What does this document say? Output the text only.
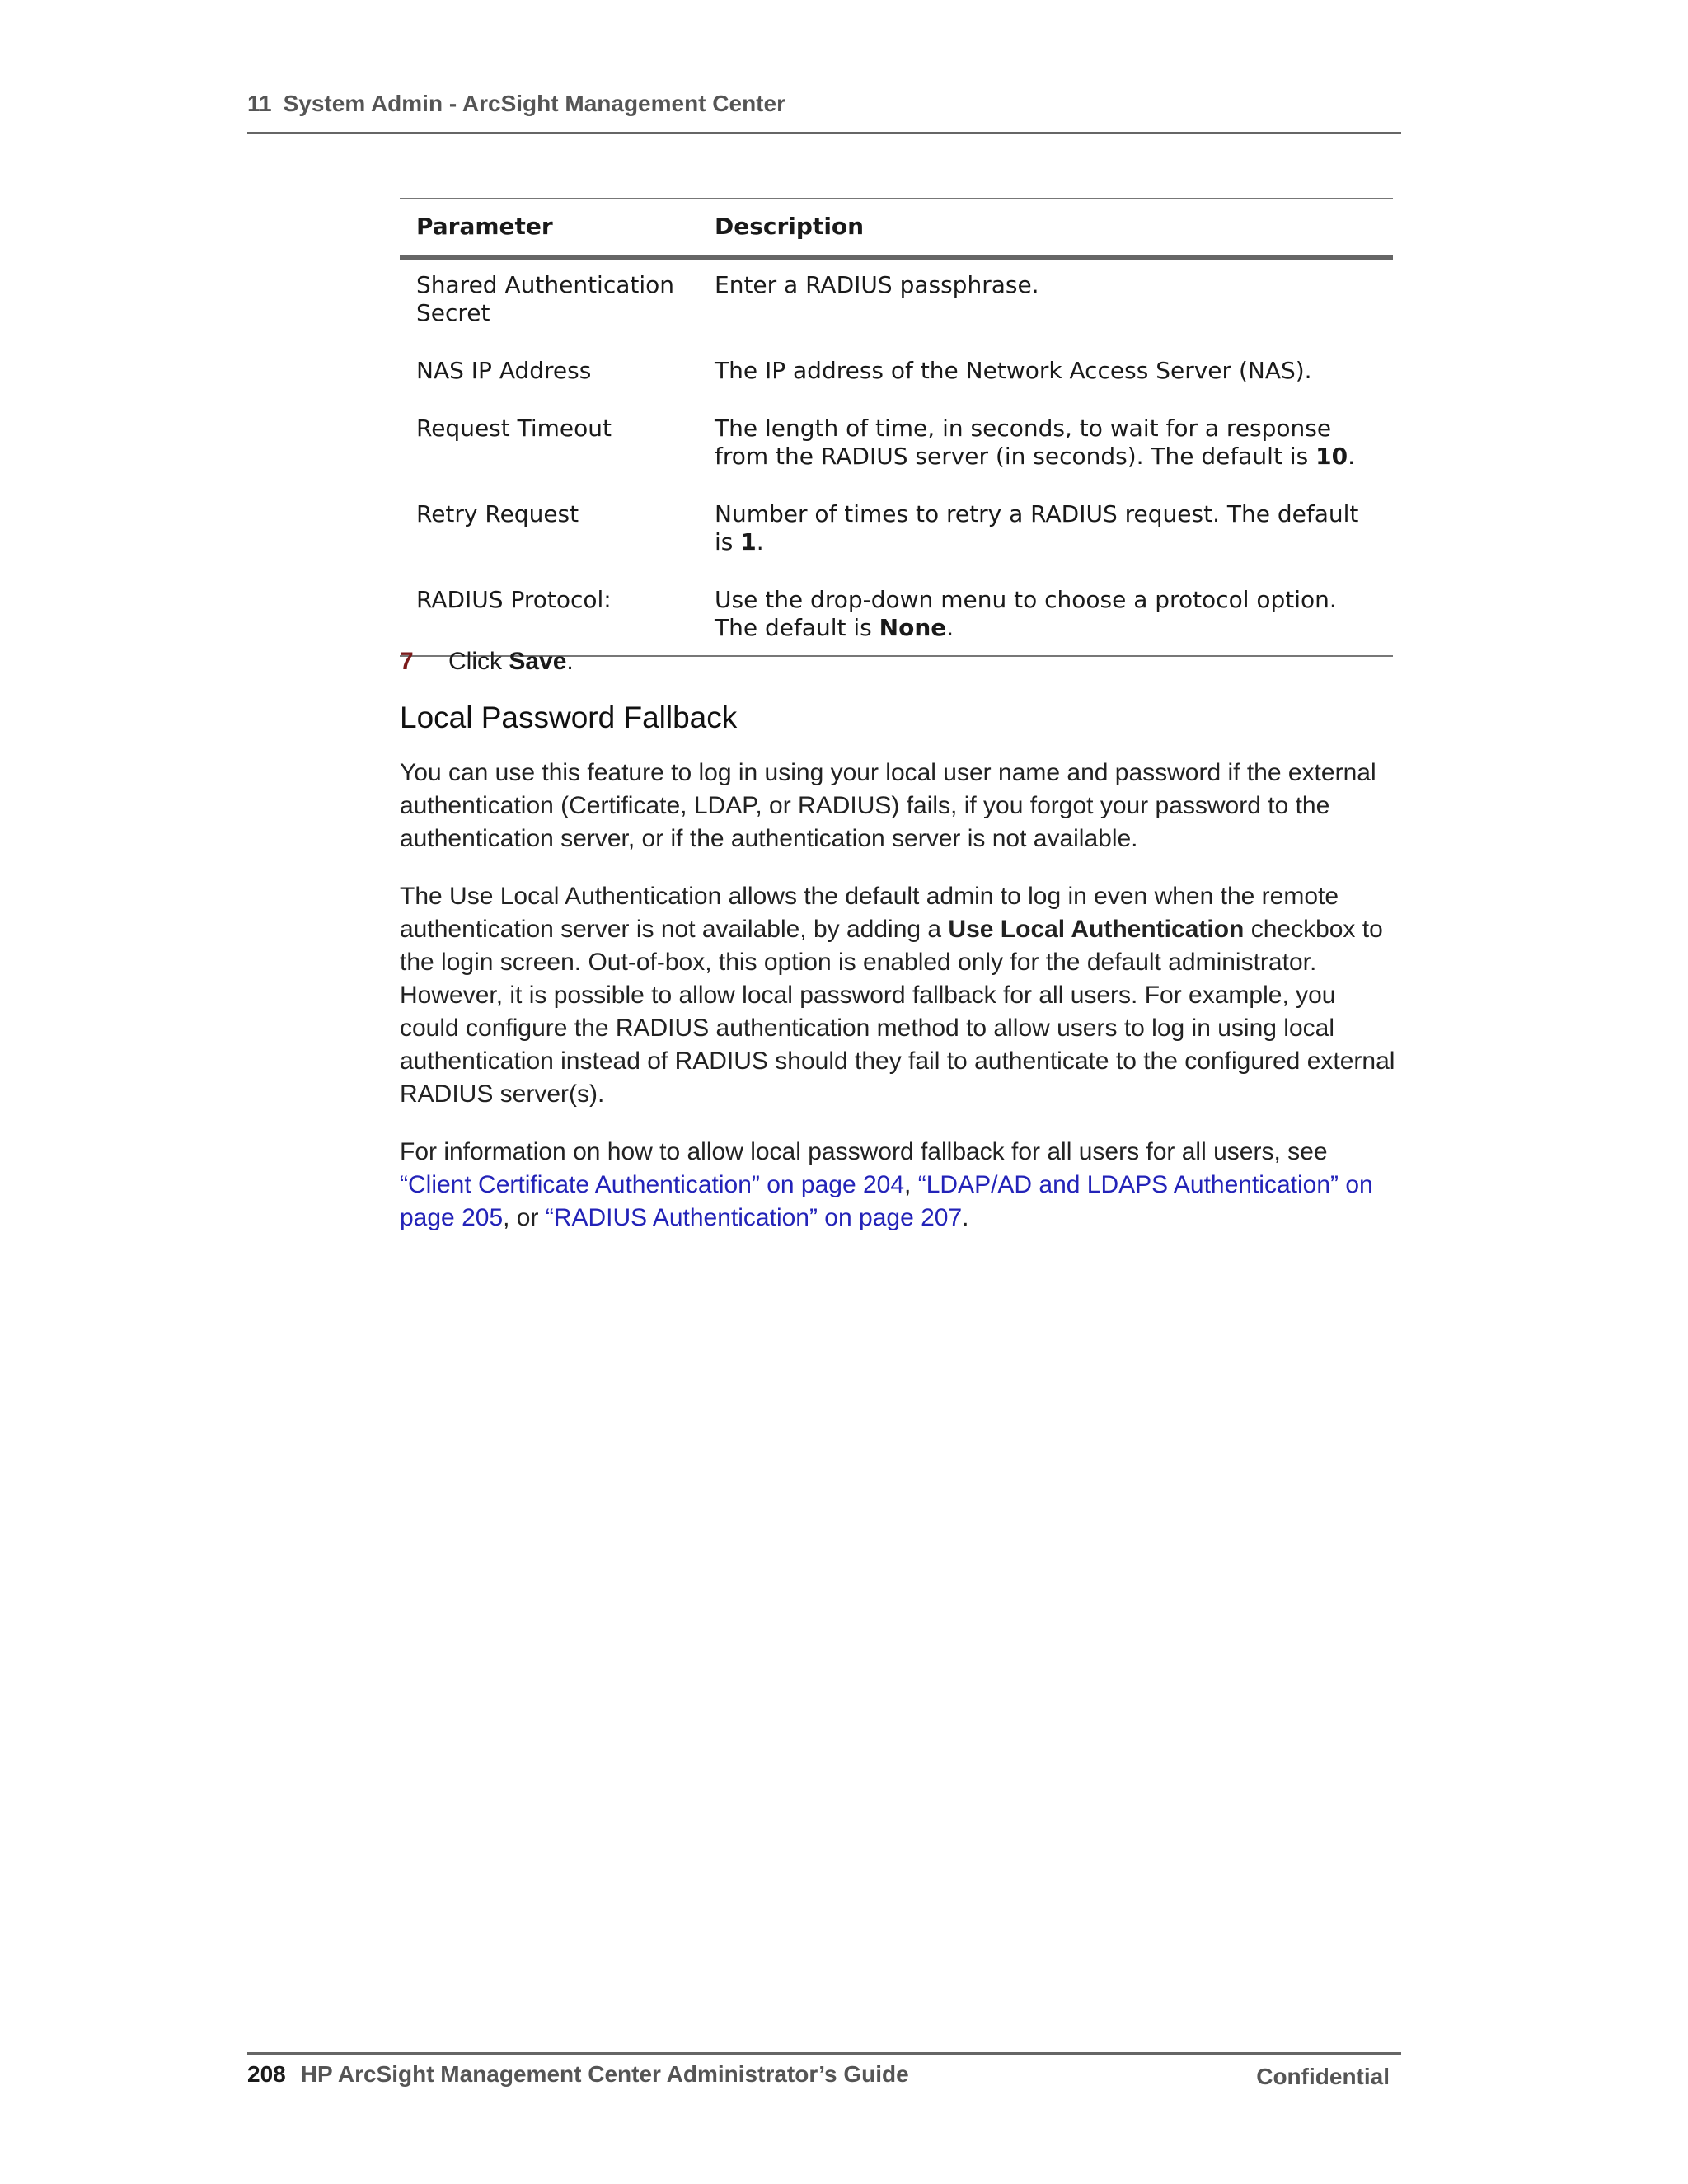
11 System Admin - ArcSight Management Center
Parameter	Description
Shared Authentication Secret	Enter a RADIUS passphrase.
NAS IP Address	The IP address of the Network Access Server (NAS).
Request Timeout	The length of time, in seconds, to wait for a response from the RADIUS server (in seconds). The default is 10.
Retry Request	Number of times to retry a RADIUS request. The default is 1.
RADIUS Protocol:	Use the drop-down menu to choose a protocol option. The default is None.
7 Click Save.
Local Password Fallback

You can use this feature to log in using your local user name and password if the external authentication (Certificate, LDAP, or RADIUS) fails, if you forgot your password to the authentication server, or if the authentication server is not available.

The Use Local Authentication allows the default admin to log in even when the remote authentication server is not available, by adding a Use Local Authentication checkbox to the login screen. Out-of-box, this option is enabled only for the default administrator. However, it is possible to allow local password fallback for all users. For example, you could configure the RADIUS authentication method to allow users to log in using local authentication instead of RADIUS should they fail to authenticate to the configured external RADIUS server(s).

For information on how to allow local password fallback for all users for all users, see “Client Certificate Authentication” on page 204, “LDAP/AD and LDAPS Authentication” on page 205, or “RADIUS Authentication” on page 207.

208 HP ArcSight Management Center Administrator’s Guide	Confidential
